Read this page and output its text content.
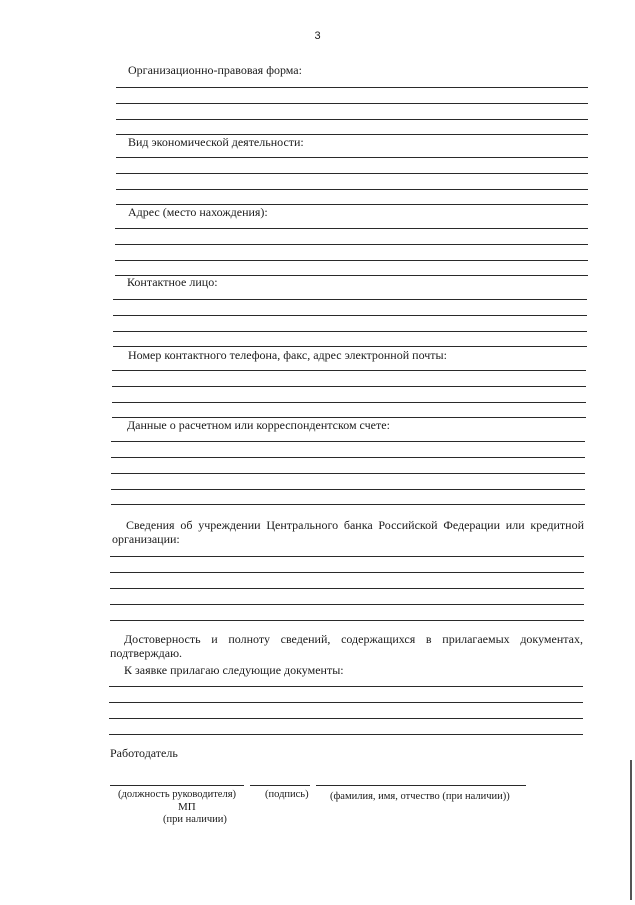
3
Организационно-правовая форма:
Вид экономической деятельности:
Адрес (место нахождения):
Контактное лицо:
Номер контактного телефона, факс, адрес электронной почты:
Данные о расчетном или корреспондентском счете:
Сведения об учреждении Центрального банка Российской Федерации или кредитной организации:
Достоверность и полноту сведений, содержащихся в прилагаемых документах, подтверждаю.
К заявке прилагаю следующие документы:
Работодатель
(должность руководителя)	(подпись) (фамилия, имя, отчество (при наличии))
МП
(при наличии)
